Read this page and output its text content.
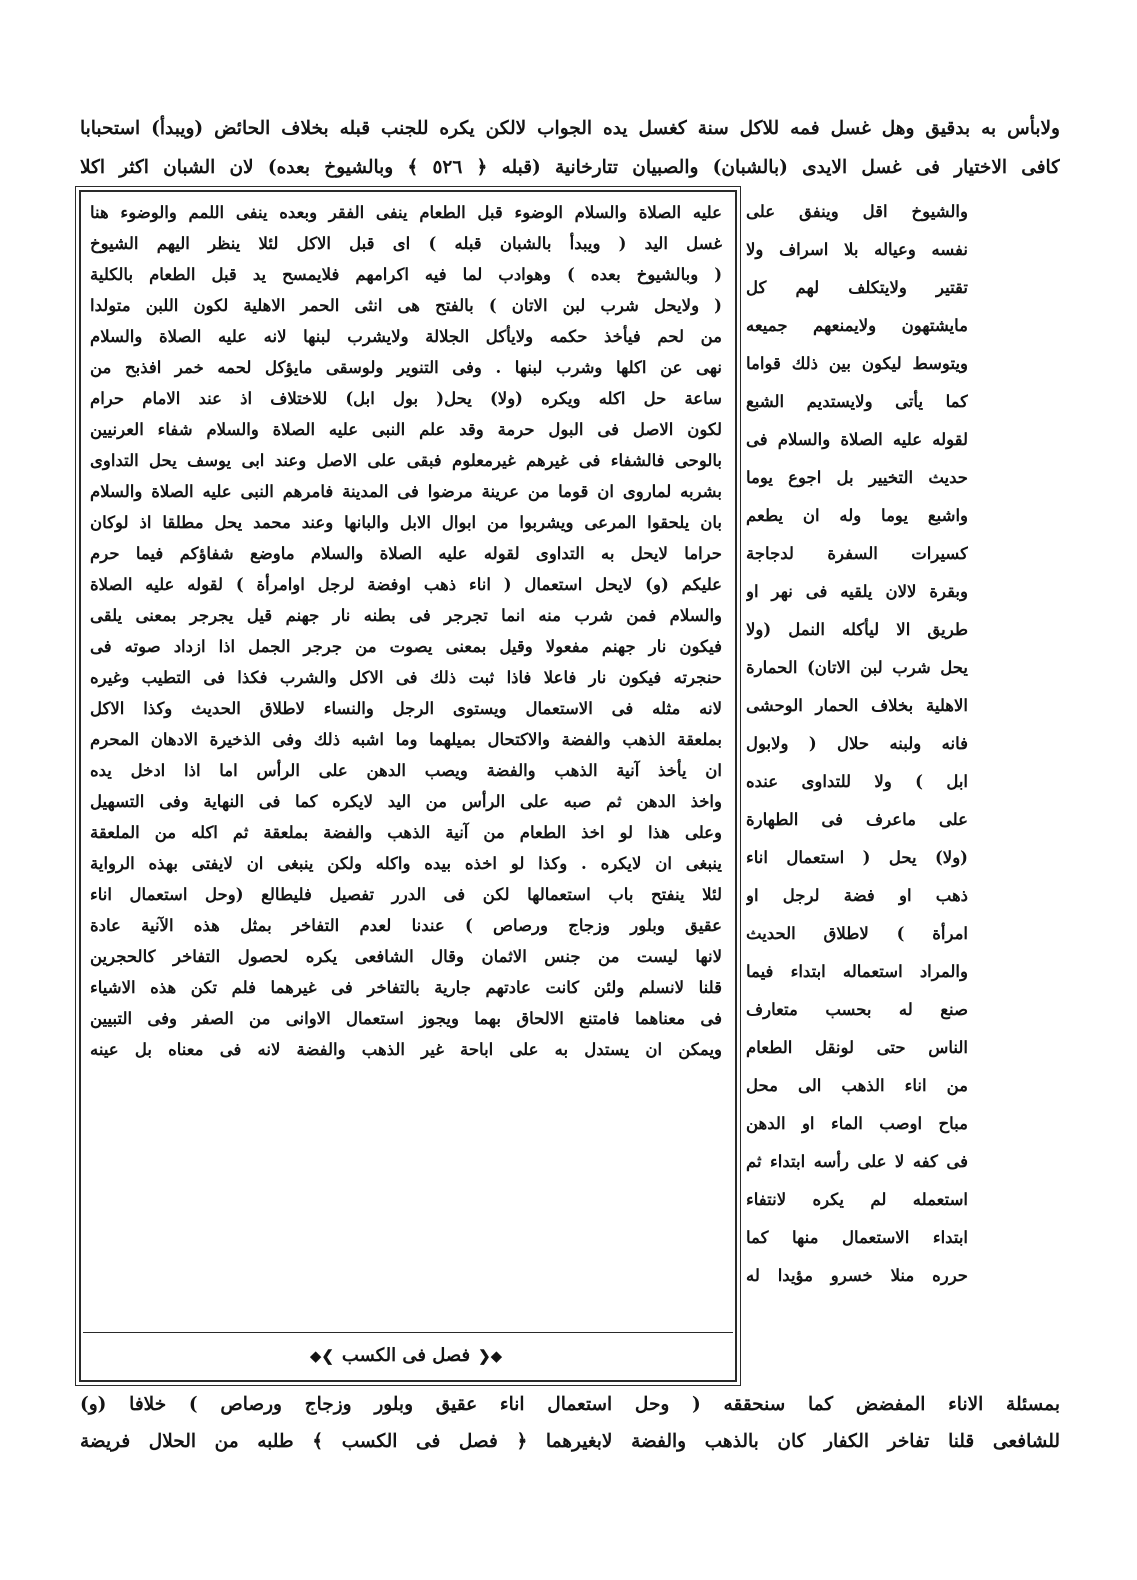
ولابأس به بدقيق وهل غسل فمه للاكل سنة كغسل يده الجواب لالكن يكره للجنب قبله بخلاف الحائض (ويبدأ) استحبابا
كافى الاختيار فى غسل الايدى (بالشبان) والصبيان تتارخانية (قبله ﴿ ٥٢٦ ﴾ وبالشيوخ بعده) لان الشبان اكثر اكلا
عليه الصلاة والسلام الوضوء قبل الطعام ينفى الفقر وبعده ينفى اللمم والوضوء هنا
غسل اليد ( ويبدأ بالشبان قبله ) اى قبل الاكل لئلا ينظر اليهم الشيوخ
( وبالشيوخ بعده ) وهوادب لما فيه اكرامهم فلايمسح يد قبل الطعام بالكلية
( ولايحل شرب لبن الاتان ) بالفتح هى انثى الحمر الاهلية لكون اللبن متولدا
من لحم فيأخذ حكمه ولايأكل الجلالة ولايشرب لبنها لانه عليه الصلاة والسلام
نهى عن اكلها وشرب لبنها . وفى التنوير ولوسقى مايؤكل لحمه خمر افذبح من
ساعة حل اكله ويكره (ولا) يحل( بول ابل) للاختلاف اذ عند الامام حرام
لكون الاصل فى البول حرمة وقد علم النبى عليه الصلاة والسلام شفاء العرنيين
بالوحى فالشفاء فى غيرهم غيرمعلوم فبقى على الاصل وعند ابى يوسف يحل التداوى
بشربه لماروى ان قوما من عرينة مرضوا فى المدينة فامرهم النبى عليه الصلاة والسلام
بان يلحقوا المرعى ويشربوا من ابوال الابل والبانها وعند محمد يحل مطلقا اذ لوكان
حراما لايحل به التداوى لقوله عليه الصلاة والسلام ماوضع شفاؤكم فيما حرم
عليكم (و) لايحل استعمال ( اناء ذهب اوفضة لرجل اوامرأة ) لقوله عليه الصلاة
والسلام فمن شرب منه انما تجرجر فى بطنه نار جهنم قيل يجرجر بمعنى يلقى
فيكون نار جهنم مفعولا وقيل بمعنى يصوت من جرجر الجمل اذا ازداد صوته فى
حنجرته فيكون نار فاعلا فاذا ثبت ذلك فى الاكل والشرب فكذا فى التطيب وغيره
لانه مثله فى الاستعمال ويستوى الرجل والنساء لاطلاق الحديث وكذا الاكل
بملعقة الذهب والفضة والاكتحال بميلهما وما اشبه ذلك وفى الذخيرة الادهان المحرم
ان يأخذ آنية الذهب والفضة ويصب الدهن على الرأس اما اذا ادخل يده
واخذ الدهن ثم صبه على الرأس من اليد لايكره كما فى النهاية وفى التسهيل
وعلى هذا لو اخذ الطعام من آنية الذهب والفضة بملعقة ثم اكله من الملعقة
ينبغى ان لايكره . وكذا لو اخذه بيده واكله ولكن ينبغى ان لايفتى بهذه الرواية
لئلا ينفتح باب استعمالها لكن فى الدرر تفصيل فليطالع (وحل استعمال اناء
عقيق وبلور وزجاج ورصاص ) عندنا لعدم التفاخر بمثل هذه الآنية عادة
لانها ليست من جنس الاثمان وقال الشافعى يكره لحصول التفاخر كالحجرين
قلنا لانسلم ولئن كانت عادتهم جارية بالتفاخر فى غيرهما فلم تكن هذه الاشياء
فى معناهما فامتنع الالحاق بهما ويجوز استعمال الاوانى من الصفر وفى التبيين
ويمكن ان يستدل به على اباحة غير الذهب والفضة لانه فى معناه بل عينه
◆❮فصل فى الكسب❯◆
والشيوخ اقل وينفق على
نفسه وعياله بلا اسراف ولا
تقتير ولايتكلف لهم كل
مايشتهون ولايمنعهم جميعه
ويتوسط ليكون بين ذلك قواما
كما يأتى ولايستديم الشبع
لقوله عليه الصلاة والسلام فى
حديث التخيير بل اجوع يوما
واشبع يوما وله ان يطعم
كسيرات السفرة لدجاجة
وبقرة لالان يلقيه فى نهر او
طريق الا ليأكله النمل (ولا
يحل شرب لبن الاتان) الحمارة
الاهلية بخلاف الحمار الوحشى
فانه ولبنه حلال ( ولابول
ابل ) ولا للتداوى عنده
على ماعرف فى الطهارة
(ولا) يحل ( استعمال اناء
ذهب او فضة لرجل او
امرأة ) لاطلاق الحديث
والمراد استعماله ابتداء فيما
صنع له بحسب متعارف
الناس حتى لونقل الطعام
من اناء الذهب الى محل
مباح اوصب الماء او الدهن
فى كفه لا على رأسه ابتداء ثم
استعمله لم يكره لانتفاء
ابتداء الاستعمال منها كما
حرره منلا خسرو مؤيدا له
بمسئلة الاناء المفضض كما سنحققه ( وحل استعمال اناء عقيق وبلور وزجاج ورصاص ) خلافا (و)
للشافعى قلنا تفاخر الكفار كان بالذهب والفضة لابغيرهما ﴿ فصل فى الكسب ﴾ طلبه من الحلال فريضة
